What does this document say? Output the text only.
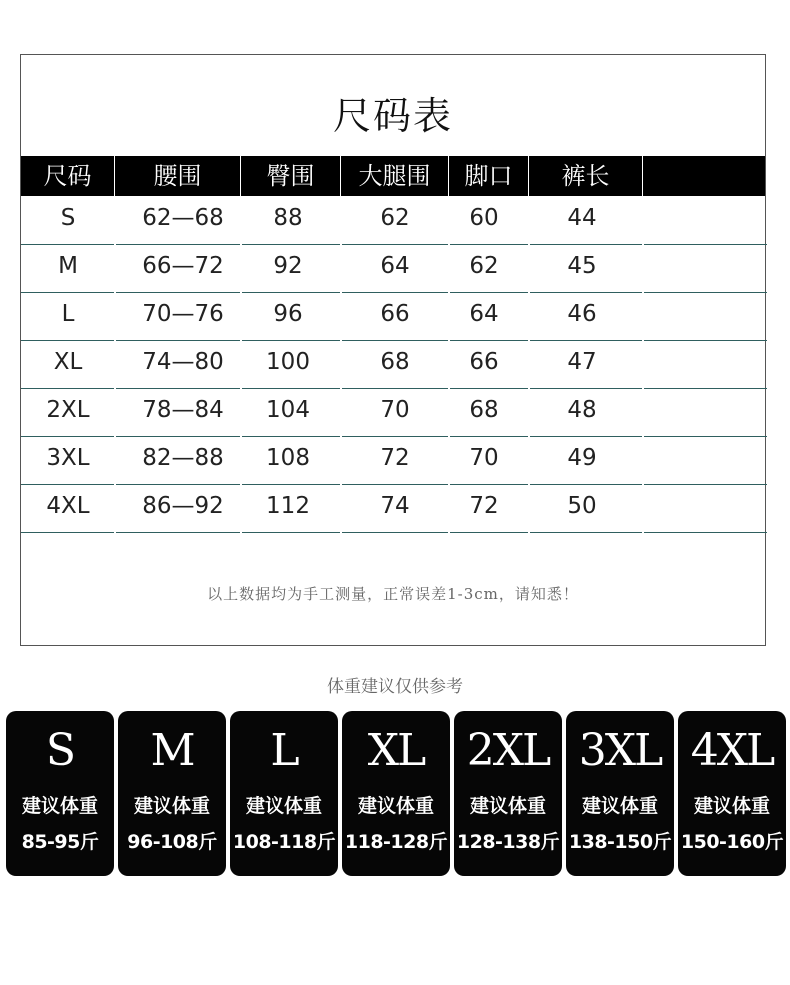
尺码表
尺码	腰围	臀围	大腿围	脚口	裤长
S	62—68	88	62	60	44
M	66—72	92	64	62	45
L	70—76	96	66	64	46
XL	74—80	100	68	66	47
2XL	78—84	104	70	68	48
3XL	82—88	108	72	70	49
4XL	86—92	112	74	72	50
以上数据均为手工测量，正常误差1-3cm，请知悉！
体重建议仅供参考
S
建议体重
85-95斤
M
建议体重
96-108斤
L
建议体重
108-118斤
XL
建议体重
118-128斤
2XL
建议体重
128-138斤
3XL
建议体重
138-150斤
4XL
建议体重
150-160斤
